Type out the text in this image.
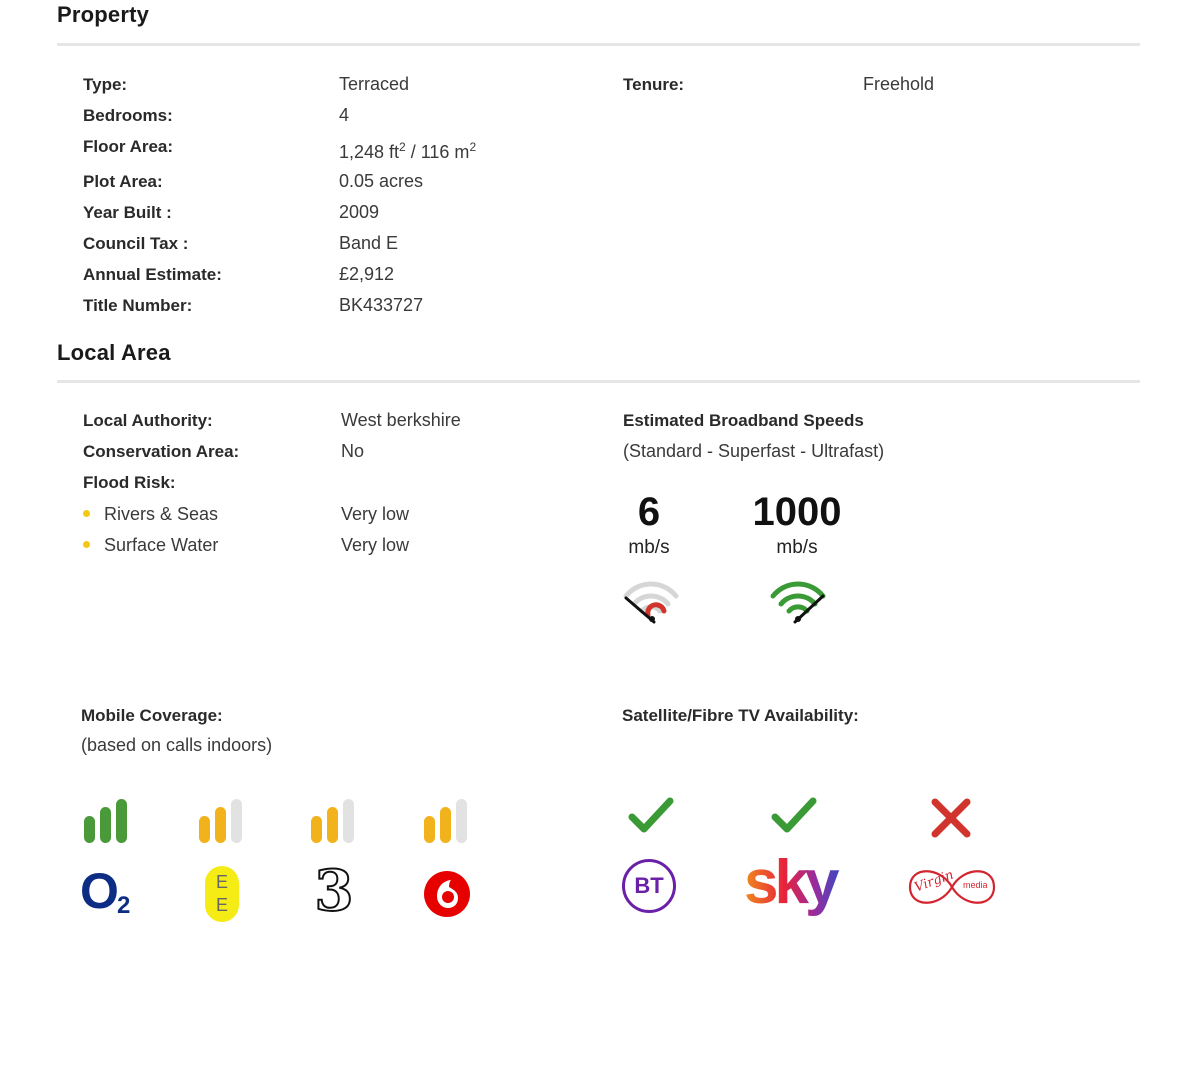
Property
Type:	Terraced
Bedrooms:	4
Floor Area:	1,248 $ft^2 / 116$ $m^2$
Plot Area:	0.05 acres
Year Built :	2009
Council Tax :	Band E
Annual Estimate:	£2,912
Title Number:	BK433727
Tenure:	Freehold
Local Area
Local Authority:	West berkshire
Conservation Area:	No
Flood Risk:
Rivers & Seas	Very low
Surface Water	Very low
Estimated Broadband Speeds
(Standard - Superfast - Ultrafast)
6
mb/s
1000
mb/s
Mobile Coverage:
(based on calls indoors)
O
2
E
E 3
Satellite/Fibre TV Availability:
BT sky	Virgin media
